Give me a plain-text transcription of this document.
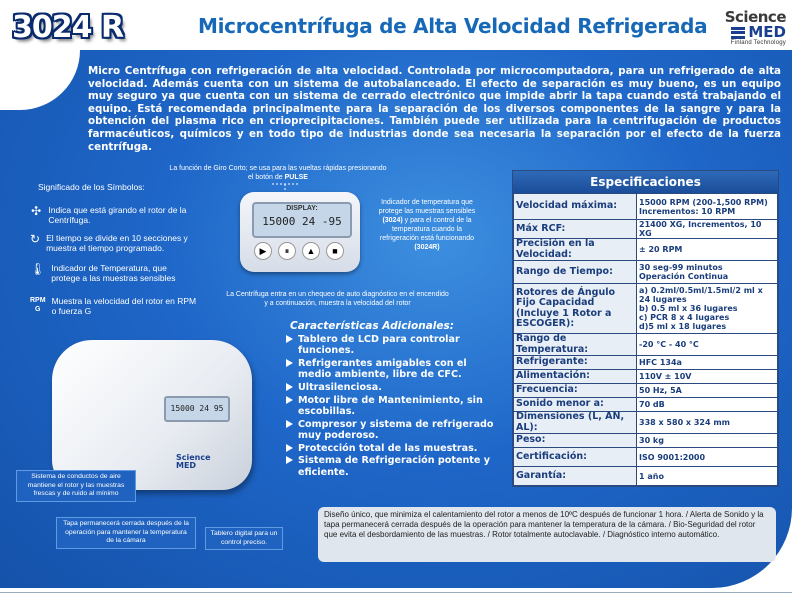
3024 R	Microcentrífuga de Alta Velocidad Refrigerada	Science
MED
Finland Technology
Micro Centrífuga con refrigeración de alta velocidad. Controlada por microcomputadora, para un refrigerado de alta velocidad. Además cuenta con un sistema de autobalanceado. El efecto de separación es muy bueno, es un equipo muy seguro ya que cuenta con un sistema de cerrado electrónico que impide abrir la tapa cuando está trabajando el equipo. Está recomendada principalmente para la separación de los diversos componentes de la sangre y para la obtención del plasma rico en crioprecipitaciones. También puede ser utilizada para la centrifugación de productos farmacéuticos, químicos y en todo tipo de industrias donde sea necesaria la separación por el efecto de la fuerza centrífuga.
La función de Giro Corto; se usa para las vueltas rápidas presionando el botón de PULSE
Indicador de temperatura que protege las muestras sensibles (3024) y para el control de la temperatura cuando la refrigeración está funcionando (3024R)
DISPLAY:
15000 24 -95
▶	⏸	▲	■
La Centrífuga entra en un chequeo de auto diagnóstico en el encendido y a continuación, muestra la velocidad del rotor
Significado de los Símbolos:
✣ Indica que está girando el rotor de la Centrífuga.
↻ El tiempo se divide en 10 secciones y muestra el tiempo programado.
🌡 Indicador de Temperatura, que protege a las muestras sensibles
RPM
G
Muestra la velocidad del rotor en RPM o fuerza G
15000 24 95
Science
MED
Sistema de conductos de aire mantiene el rotor y las muestras frescas y de ruido al mínimo
Tapa permanecerá cerrada después de la operación para mantener la temperatura de la cámara
Tablero digital para un control preciso.
Características Adicionales:
Tablero de LCD para controlar funciones.
Refrigerantes amigables con el medio ambiente, libre de CFC.
Ultrasilenciosa.
Motor libre de Mantenimiento, sin escobillas.
Compresor y sistema de refrigerado muy poderoso.
Protección total de las muestras.
Sistema de Refrigeración potente y eficiente.
Especificaciones
Velocidad máxima:	15000 RPM (200-1,500 RPM)
Incrementos: 10 RPM

Máx RCF:	21400 XG, Incrementos, 10 XG

Precisión en la Velocidad:	± 20 RPM

Rango de Tiempo:	30 seg-99 minutos
Operación Continua

Rotores de Ángulo Fijo Capacidad (Incluye 1 Rotor a ESCOGER):	a) 0.2ml/0.5ml/1.5ml/2 ml x 24 lugares
b) 0.5 ml x 36 lugares
c) PCR 8 x 4 lugares
d)5 ml x 18 lugares

Rango de Temperatura:	-20 °C - 40 °C

Refrigerante:	HFC 134a

Alimentación:	110V ± 10V

Frecuencia:	50 Hz, 5A

Sonido menor a:	70 dB

Dimensiones (L, AN, AL):	338 x 580 x 324 mm

Peso:	30 kg

Certificación:	ISO 9001:2000

Garantía:	1 año
Diseño único, que minimiza el calentamiento del rotor a menos de 10ºC después de funcionar 1 hora. / Alerta de Sonido y la tapa permanecerá cerrada después de la operación para mantener la temperatura de la cámara. / Bio-Seguridad del rotor que evita el desbordamiento de las muestras. / Rotor totalmente autoclavable. / Diagnóstico interno automático.
